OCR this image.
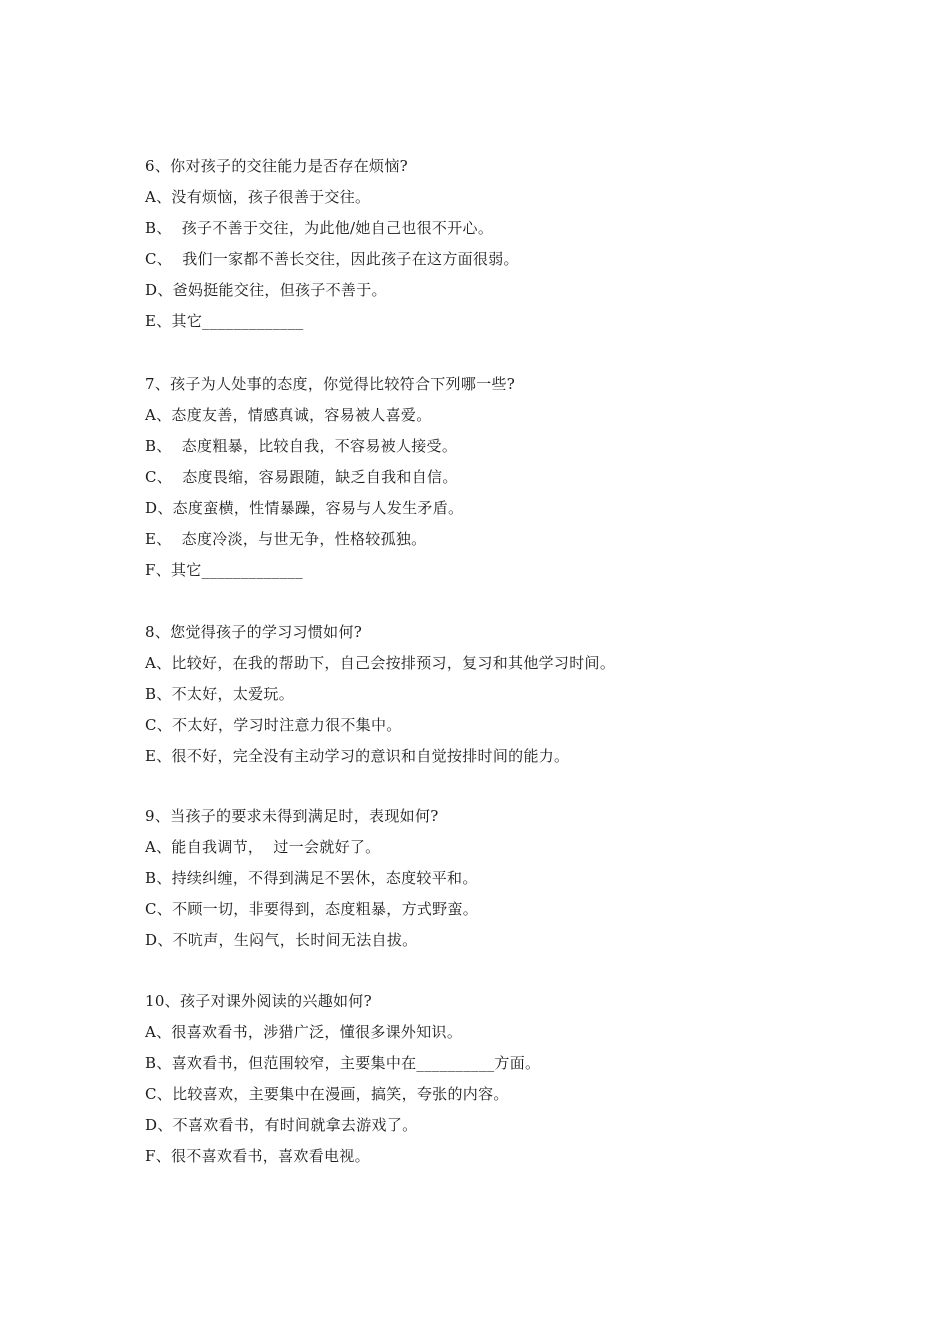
6、你对孩子的交往能力是否存在烦恼?
A、没有烦恼，孩子很善于交往。
B、  孩子不善于交往，为此他/她自己也很不开心。
C、  我们一家都不善长交往，因此孩子在这方面很弱。
D、爸妈挺能交往，但孩子不善于。
E、其它_____________
7、孩子为人处事的态度，你觉得比较符合下列哪一些?
A、态度友善，情感真诚，容易被人喜爱。
B、  态度粗暴，比较自我，不容易被人接受。
C、  态度畏缩，容易跟随，缺乏自我和自信。
D、态度蛮横，性情暴躁，容易与人发生矛盾。
E、  态度冷淡，与世无争，性格较孤独。
F、其它_____________
8、您觉得孩子的学习习惯如何?
A、比较好，在我的帮助下，自己会按排预习，复习和其他学习时间。
B、不太好，太爱玩。
C、不太好，学习时注意力很不集中。
E、很不好，完全没有主动学习的意识和自觉按排时间的能力。
9、当孩子的要求未得到满足时，表现如何?
A、能自我调节，  过一会就好了。
B、持续纠缠，不得到满足不罢休，态度较平和。
C、不顾一切，非要得到，态度粗暴，方式野蛮。
D、不吭声，生闷气，长时间无法自拔。
10、孩子对课外阅读的兴趣如何?
A、很喜欢看书，涉猎广泛，懂很多课外知识。
B、喜欢看书，但范围较窄，主要集中在__________方面。
C、比较喜欢，主要集中在漫画，搞笑，夸张的内容。
D、不喜欢看书，有时间就拿去游戏了。
F、很不喜欢看书，喜欢看电视。
